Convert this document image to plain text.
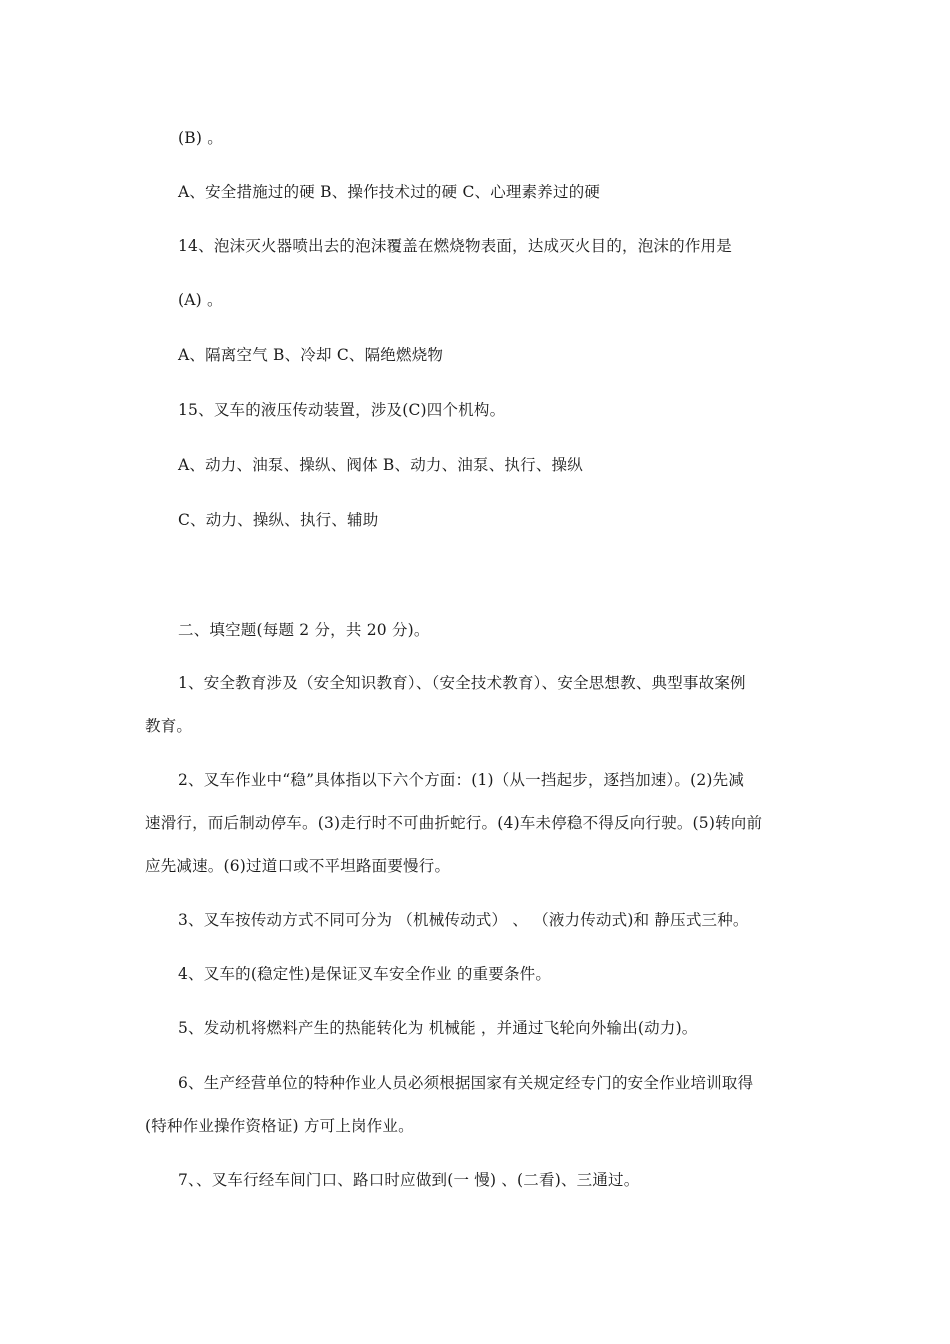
(B) 。
A、安全措施过的硬 B、操作技术过的硬 C、心理素养过的硬
14、泡沫灭火器喷出去的泡沫覆盖在燃烧物表面，达成灭火目的，泡沫的作用是
(A) 。
A、隔离空气 B、冷却 C、隔绝燃烧物
15、叉车的液压传动装置，涉及(C)四个机构。
A、动力、油泵、操纵、阀体 B、动力、油泵、执行、操纵
C、动力、操纵、执行、辅助
二、填空题(每题 2 分，共 20 分)。
1、安全教育涉及（安全知识教育）、（安全技术教育）、安全思想教、典型事故案例
教育。
2、叉车作业中“稳”具体指以下六个方面：(1)（从一挡起步，逐挡加速）。(2)先减
速滑行，而后制动停车。(3)走行时不可曲折蛇行。(4)车未停稳不得反向行驶。(5)转向前
应先减速。(6)过道口或不平坦路面要慢行。
3、叉车按传动方式不同可分为 （机械传动式） 、 （液力传动式)和 静压式三种。
4、叉车的(稳定性)是保证叉车安全作业 的重要条件。
5、发动机将燃料产生的热能转化为 机械能 ，并通过飞轮向外输出(动力)。
6、生产经营单位的特种作业人员必须根据国家有关规定经专门的安全作业培训取得
(特种作业操作资格证) 方可上岗作业。
7、、叉车行经车间门口、路口时应做到(一 慢) 、(二看)、三通过。
